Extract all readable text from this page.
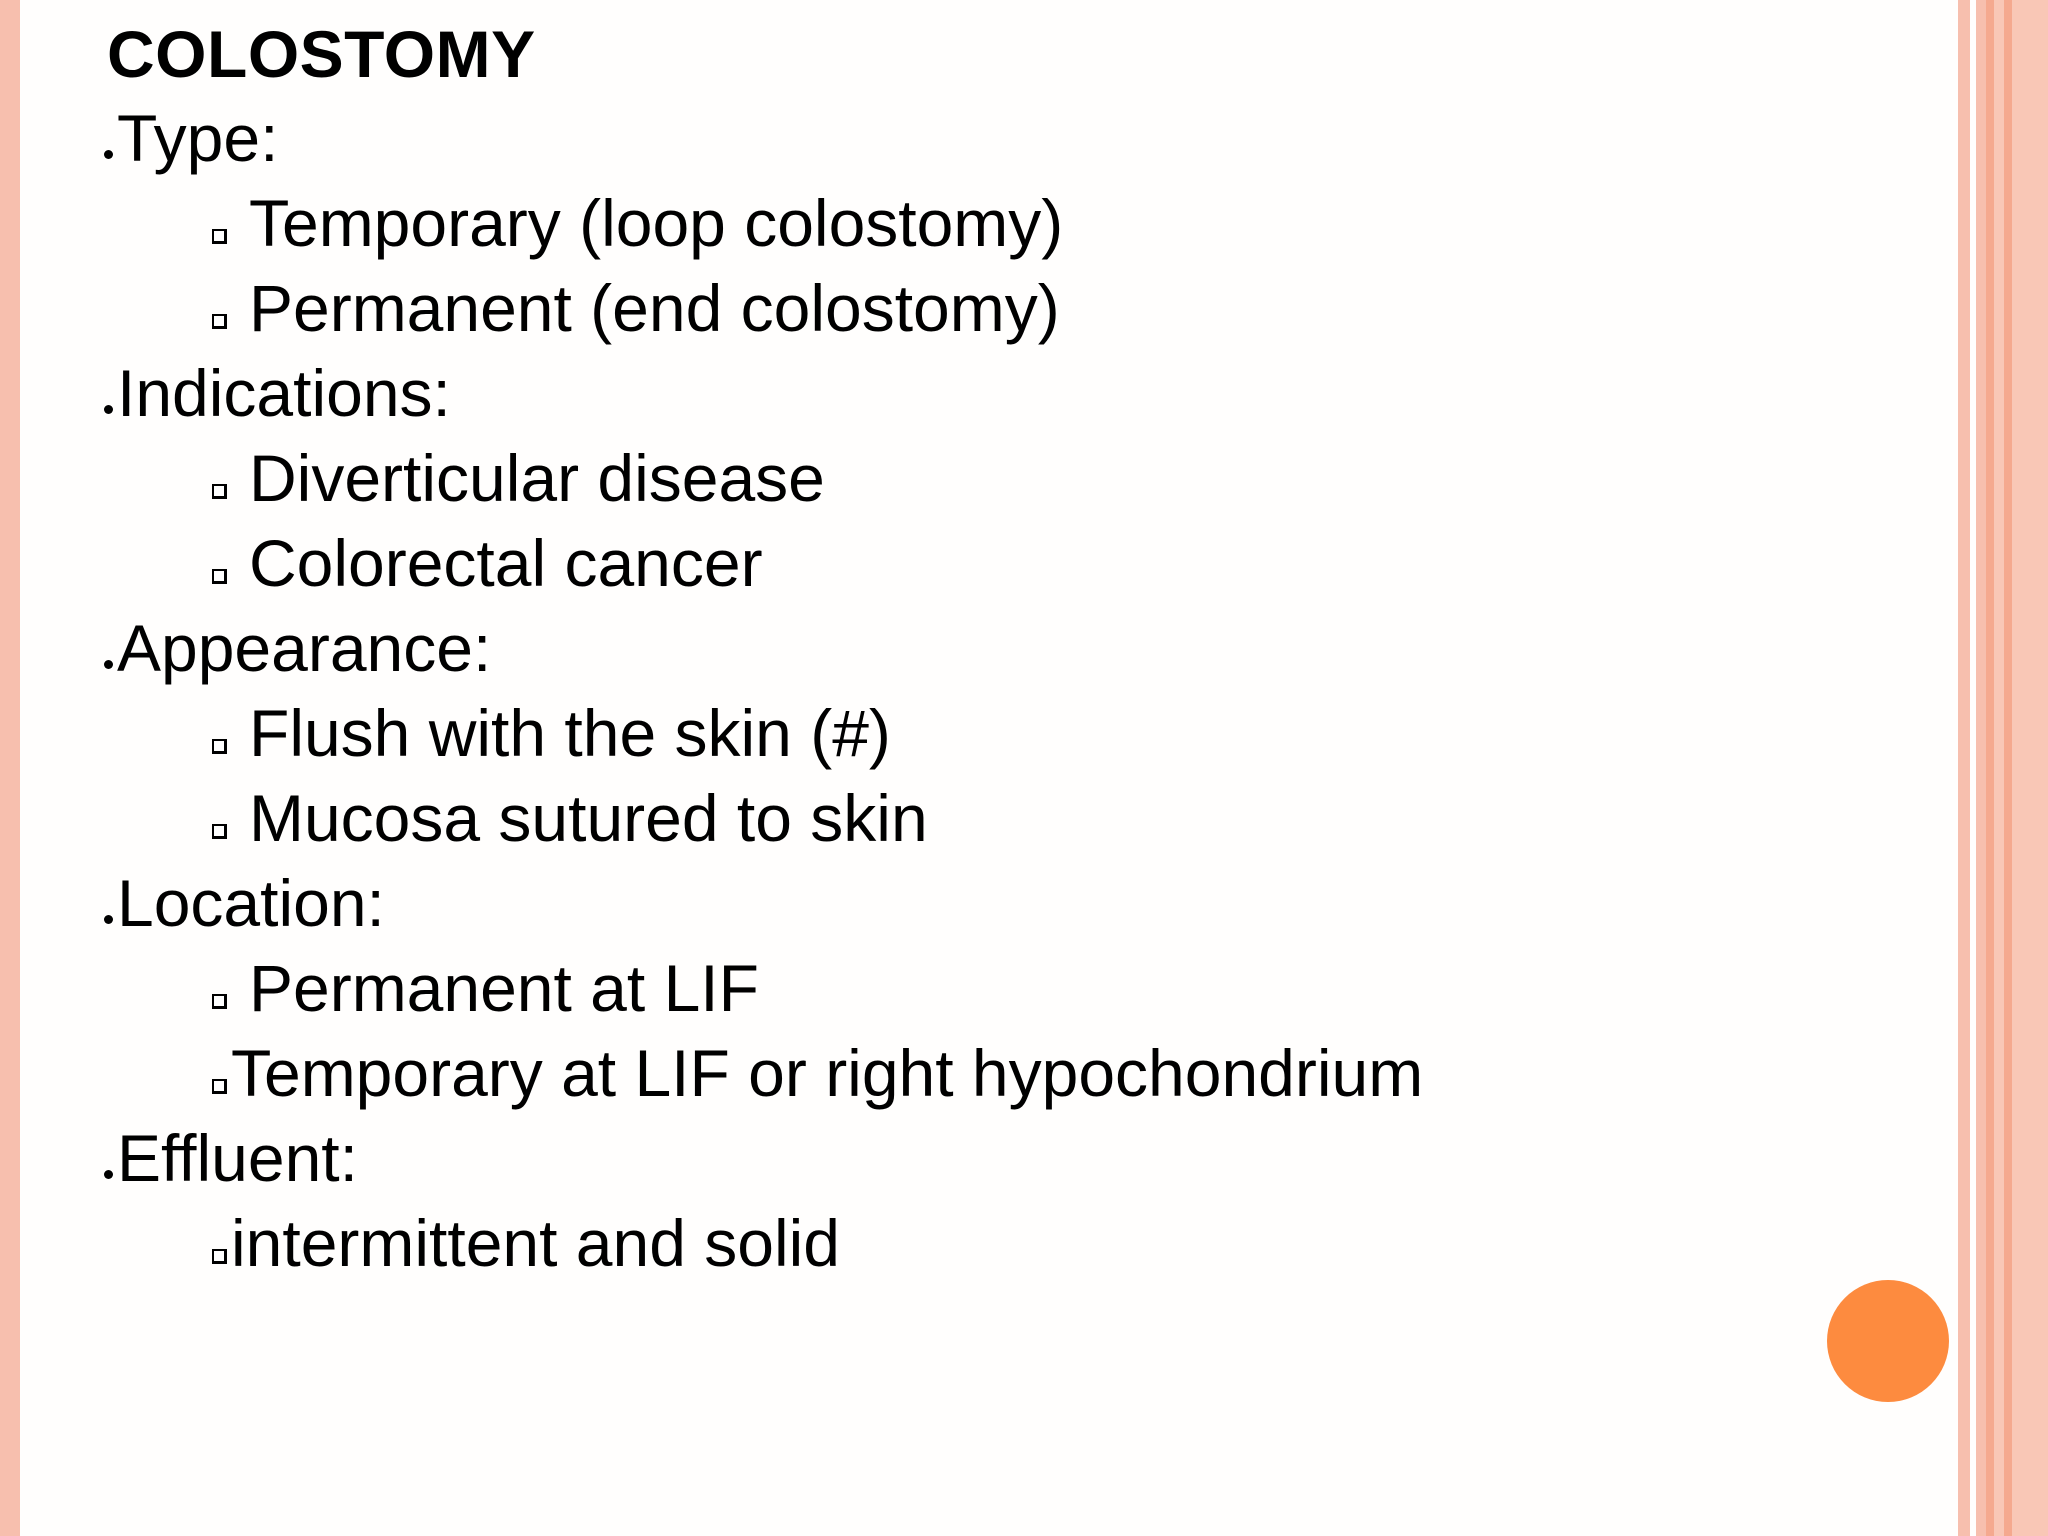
COLOSTOMY
Type:
Temporary (loop colostomy)
Permanent (end colostomy)
Indications:
Diverticular disease
Colorectal cancer
Appearance:
Flush with the skin (#)
Mucosa sutured to skin
Location:
Permanent at LIF
Temporary at LIF or right hypochondrium
Effluent:
intermittent and solid
